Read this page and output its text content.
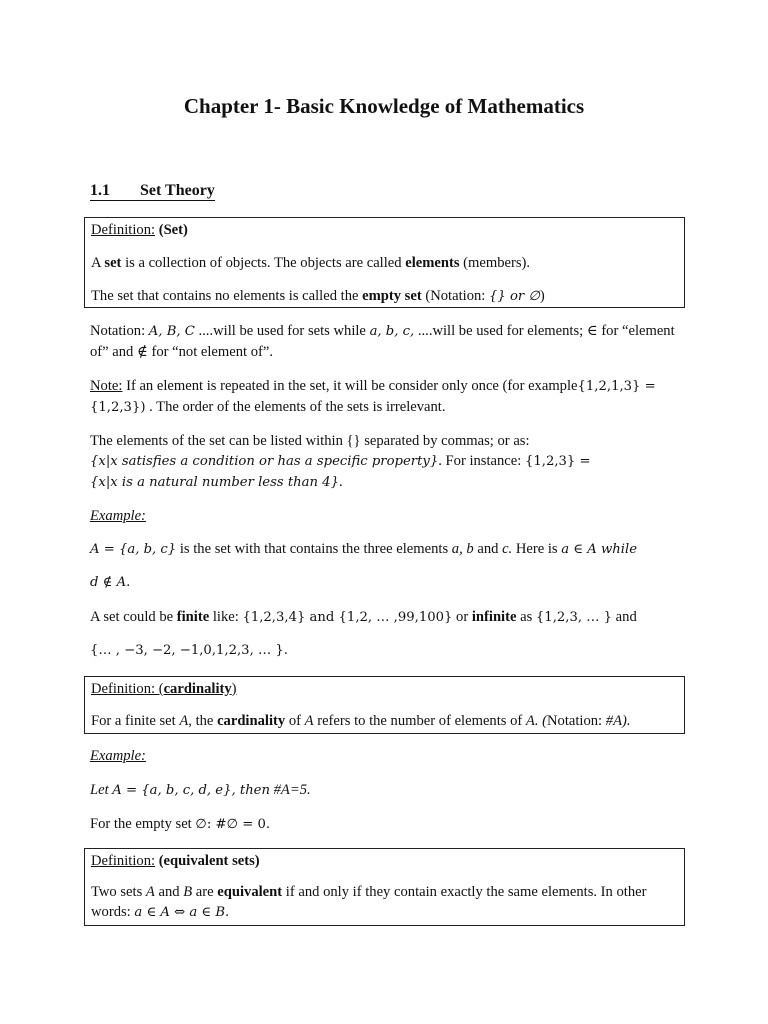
Chapter 1- Basic Knowledge of Mathematics
1.1 Set Theory
Definition: (Set)
A set is a collection of objects. The objects are called elements (members).
The set that contains no elements is called the empty set (Notation: {} or ∅)
Notation: A, B, C ....will be used for sets while a, b, c, ....will be used for elements; ∈ for “element
of” and ∉ for “not element of”.
Note: If an element is repeated in the set, it will be consider only once (for example{1,2,1,3} =
{1,2,3}) . The order of the elements of the sets is irrelevant.
The elements of the set can be listed within {} separated by commas; or as:
{x|x satisfies a condition or has a specific property}. For instance: {1,2,3} =
{x|x is a natural number less than 4}.
Example:
A = {a, b, c} is the set with that contains the three elements a, b and c. Here is a ∈ A while
d ∉ A.
A set could be finite like: {1,2,3,4} and {1,2, … ,99,100} or infinite as {1,2,3, … } and
{… , −3, −2, −1,0,1,2,3, … }.
Definition: (cardinality)
For a finite set A, the cardinality of A refers to the number of elements of A. (Notation: #A).
Example:
Let A = {a, b, c, d, e}, then #A=5.
For the empty set ∅: #∅ = 0.
Definition: (equivalent sets)
Two sets A and B are equivalent if and only if they contain exactly the same elements. In other
words: a ∈ A ⇔ a ∈ B.
